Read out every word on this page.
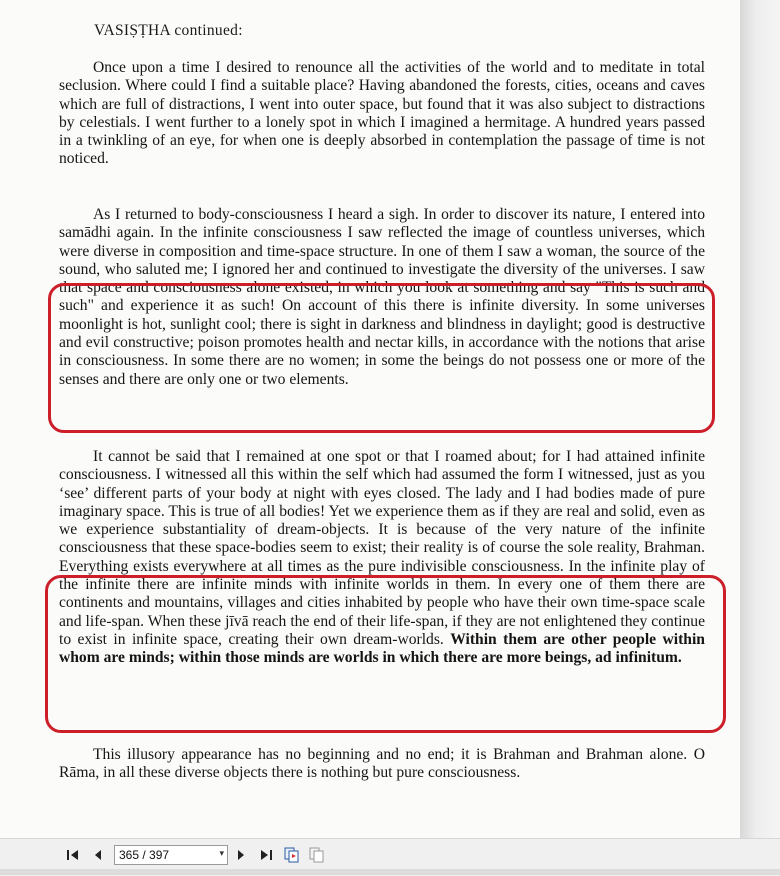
VASIṢṬHA continued:
Once upon a time I desired to renounce all the activities of the world and to meditate in total seclusion. Where could I find a suitable place? Having abandoned the forests, cities, oceans and caves which are full of distractions, I went into outer space, but found that it was also subject to distractions by celestials. I went further to a lonely spot in which I imagined a hermitage. A hundred years passed in a twinkling of an eye, for when one is deeply absorbed in contemplation the passage of time is not noticed.
As I returned to body-consciousness I heard a sigh. In order to discover its nature, I entered into samādhi again. In the infinite consciousness I saw reflected the image of countless universes, which were diverse in composition and time-space structure. In one of them I saw a woman, the source of the sound, who saluted me; I ignored her and continued to investigate the diversity of the universes. I saw that space and consciousness alone existed, in which you look at something and say "This is such and such" and experience it as such! On account of this there is infinite diversity. In some universes moonlight is hot, sunlight cool; there is sight in darkness and blindness in daylight; good is destructive and evil constructive; poison promotes health and nectar kills, in accordance with the notions that arise in consciousness. In some there are no women; in some the beings do not possess one or more of the senses and there are only one or two elements.
It cannot be said that I remained at one spot or that I roamed about; for I had attained infinite consciousness. I witnessed all this within the self which had assumed the form I witnessed, just as you ‘see’ different parts of your body at night with eyes closed. The lady and I had bodies made of pure imaginary space. This is true of all bodies! Yet we experience them as if they are real and solid, even as we experience substantiality of dream-objects. It is because of the very nature of the infinite consciousness that these space-bodies seem to exist; their reality is of course the sole reality, Brahman. Everything exists everywhere at all times as the pure indivisible consciousness. In the infinite play of the infinite there are infinite minds with infinite worlds in them. In every one of them there are continents and mountains, villages and cities inhabited by people who have their own time-space scale and life-span. When these jīvā reach the end of their life-span, if they are not enlightened they continue to exist in infinite space, creating their own dream-worlds. Within them are other people within whom are minds; within those minds are worlds in which there are more beings, ad infinitum.
This illusory appearance has no beginning and no end; it is Brahman and Brahman alone. O Rāma, in all these diverse objects there is nothing but pure consciousness.
365 / 397	▾
